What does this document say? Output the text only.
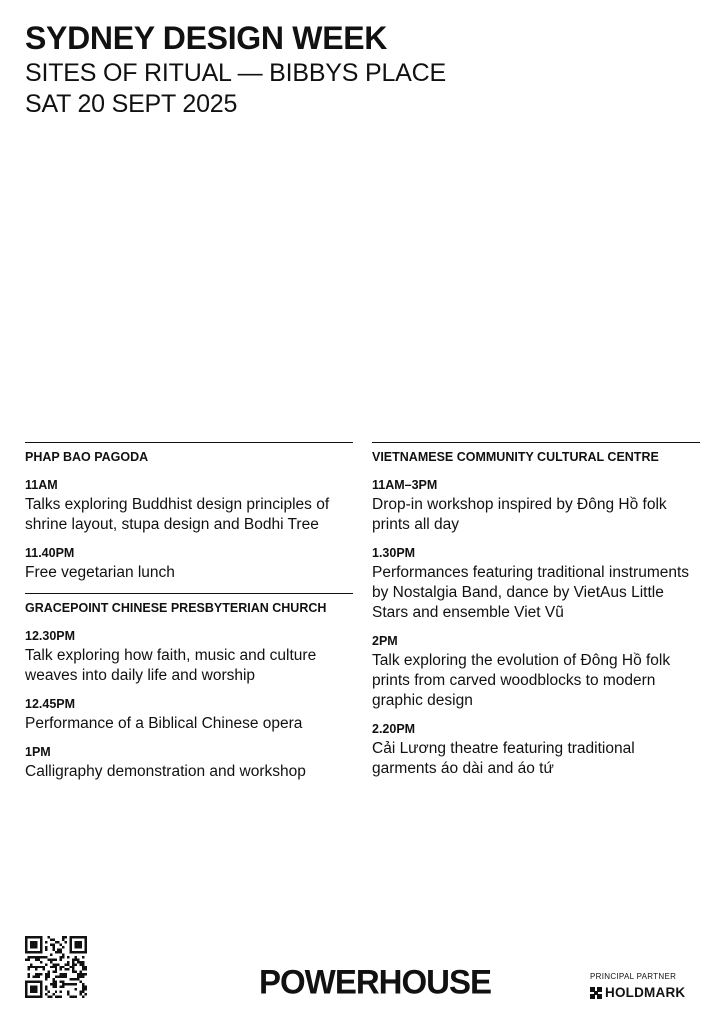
SYDNEY DESIGN WEEK
SITES OF RITUAL — BIBBYS PLACE
SAT 20 SEPT 2025
PHAP BAO PAGODA
11AM
Talks exploring Buddhist design principles of shrine layout, stupa design and Bodhi Tree
11.40PM
Free vegetarian lunch
GRACEPOINT CHINESE PRESBYTERIAN CHURCH
12.30PM
Talk exploring how faith, music and culture weaves into daily life and worship
12.45PM
Performance of a Biblical Chinese opera
1PM
Calligraphy demonstration and workshop
VIETNAMESE COMMUNITY CULTURAL CENTRE
11AM–3PM
Drop-in workshop inspired by Đông Hồ folk prints all day
1.30PM
Performances featuring traditional instruments by Nostalgia Band, dance by VietAus Little Stars and ensemble Viet Vũ
2PM
Talk exploring the evolution of Đông Hồ folk prints from carved woodblocks to modern graphic design
2.20PM
Cải Lương theatre featuring traditional garments áo dài and áo tứ
POWERHOUSE	PRINCIPAL PARTNER
HOLDMARK
